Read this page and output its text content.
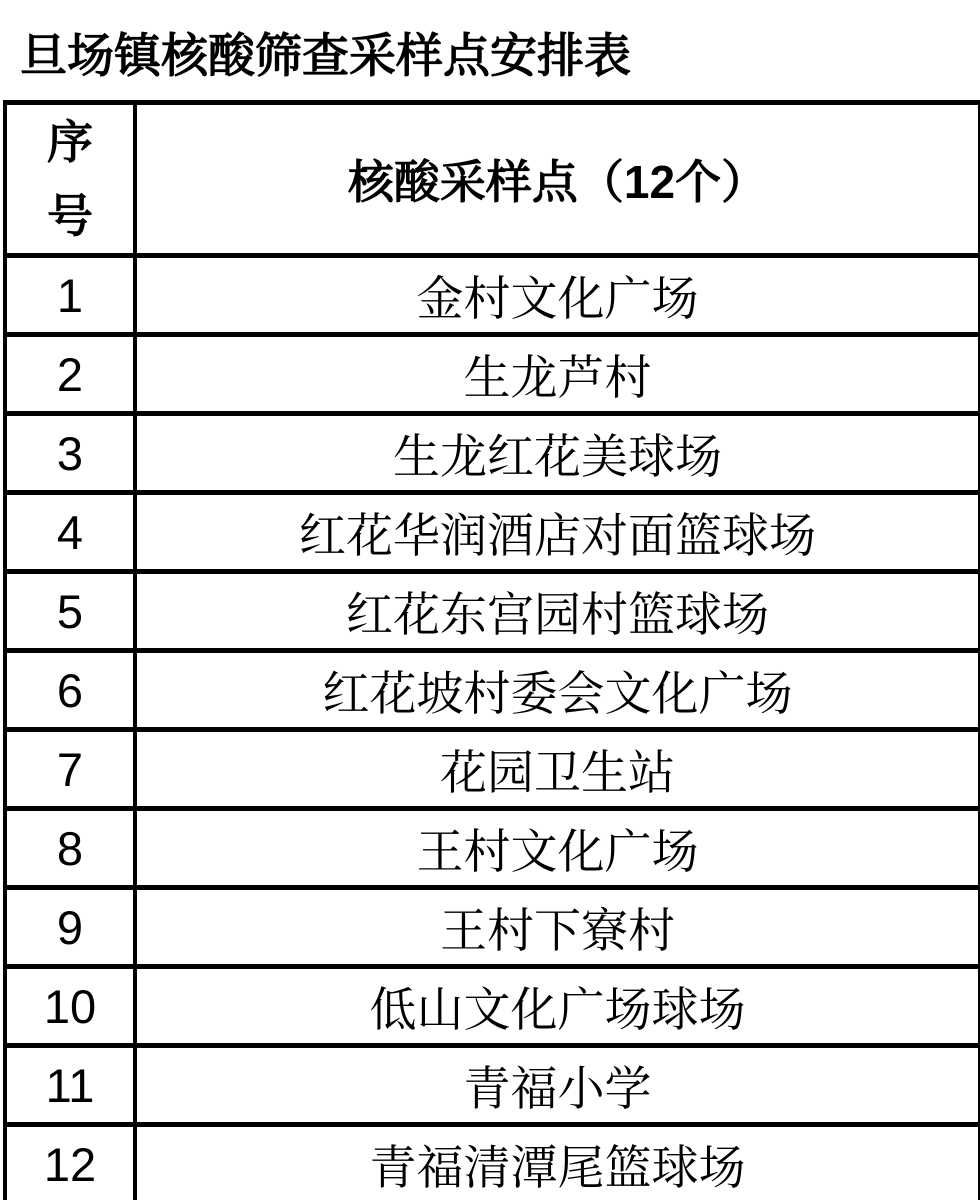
旦场镇核酸筛查采样点安排表
序
号	核酸采样点（12个）
1	金村文化广场
2	生龙芦村
3	生龙红花美球场
4	红花华润酒店对面篮球场
5	红花东宫园村篮球场
6	红花坡村委会文化广场
7	花园卫生站
8	王村文化广场
9	王村下寮村
10	低山文化广场球场
11	青福小学
12	青福清潭尾篮球场
